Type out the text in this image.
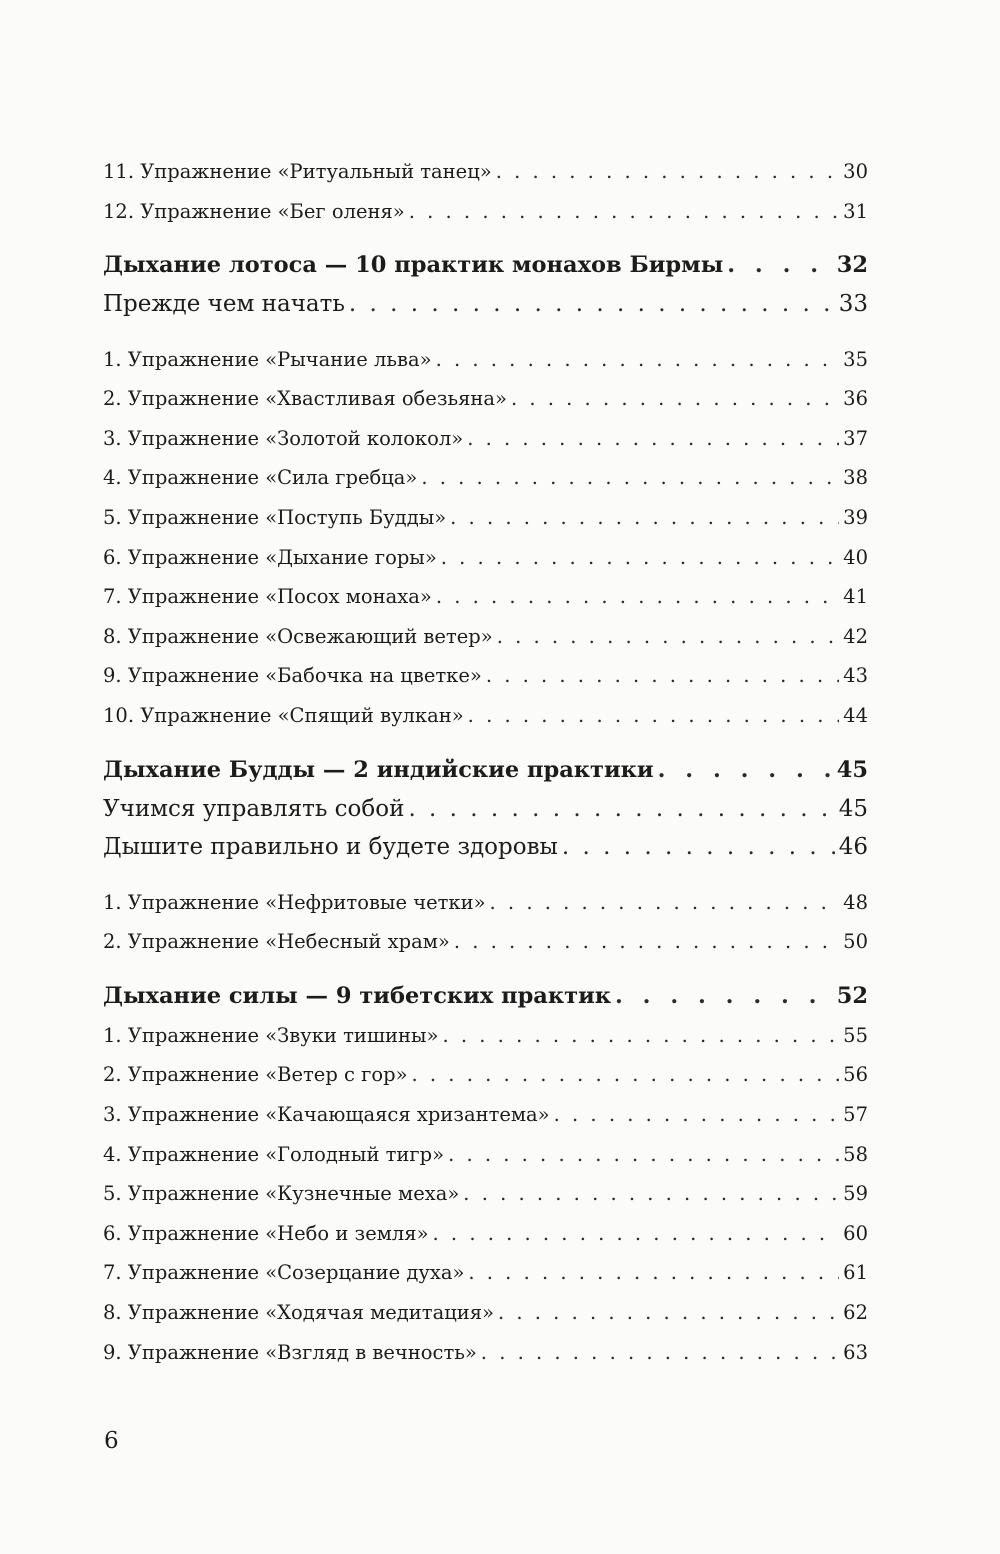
11. Упражнение «Ритуальный танец» . . .	30
12. Упражнение «Бег оленя» . . .	31
Дыхание лотоса — 10 практик монахов Бирмы . . .	32
Прежде чем начать . . .	33
1. Упражнение «Рычание льва» . . .	35
2. Упражнение «Хвастливая обезьяна» . . .	36
3. Упражнение «Золотой колокол» . . .	37
4. Упражнение «Сила гребца» . . .	38
5. Упражнение «Поступь Будды» . . .	39
6. Упражнение «Дыхание горы» . . .	40
7. Упражнение «Посох монаха» . . .	41
8. Упражнение «Освежающий ветер» . . .	42
9. Упражнение «Бабочка на цветке» . . .	43
10. Упражнение «Спящий вулкан» . . .	44
Дыхание Будды — 2 индийские практики . . .	45
Учимся управлять собой . . .	45
Дышите правильно и будете здоровы . . .	46
1. Упражнение «Нефритовые четки» . . .	48
2. Упражнение «Небесный храм» . . .	50
Дыхание силы — 9 тибетских практик . . .	52
1. Упражнение «Звуки тишины» . . .	55
2. Упражнение «Ветер с гор» . . .	56
3. Упражнение «Качающаяся хризантема» . . .	57
4. Упражнение «Голодный тигр» . . .	58
5. Упражнение «Кузнечные меха» . . .	59
6. Упражнение «Небо и земля» . . .	60
7. Упражнение «Созерцание духа» . . .	61
8. Упражнение «Ходячая медитация» . . .	62
9. Упражнение «Взгляд в вечность» . . .	63
6
